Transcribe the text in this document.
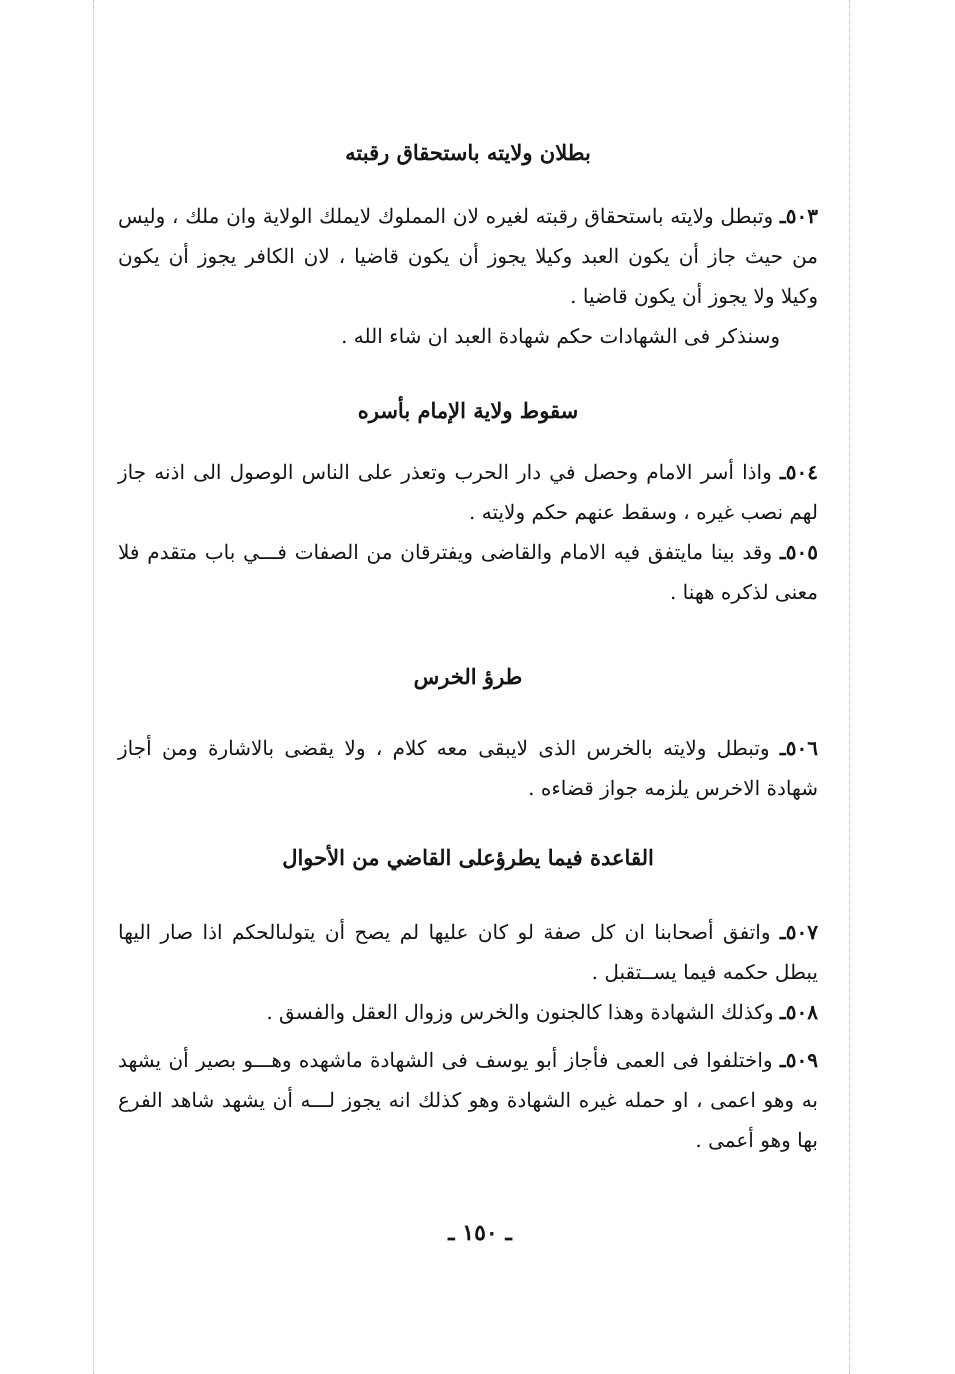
بطلان ولايته باستحقاق رقبته

٥٠٣ـ وتبطل ولايته باستحقاق رقبته لغيره لان المملوك لايملك الولاية وان ملك ، وليس من حيث جاز أن يكون العبد وكيلا يجوز أن يكون قاضيا ، لان الكافر يجوز أن يكون وكيلا ولا يجوز أن يكون قاضيا .

وسنذكر فى الشهادات حكم شهادة العبد ان شاء الله .

سقوط ولاية الإمام بأسره

٥٠٤ـ واذا أسر الامام وحصل في دار الحرب وتعذر على الناس الوصول الى اذنه جاز لهم نصب غيره ، وسقط عنهم حكم ولايته .

٥٠٥ـ وقد بينا مايتفق فيه الامام والقاضى ويفترقان من الصفات فـــي باب متقدم فلا معنى لذكره ههنا .

طرؤ الخرس

٥٠٦ـ وتبطل ولايته بالخرس الذى لايبقى معه كلام ، ولا يقضى بالاشارة ومن أجاز شهادة الاخرس يلزمه جواز قضاءه .

القاعدة فيما يطرؤعلى القاضي من الأحوال

٥٠٧ـ واتفق أصحابنا ان كل صفة لو كان عليها لم يصح أن يتولىالحكم اذا صار اليها يبطل حكمه فيما يســتقبل .

٥٠٨ـ وكذلك الشهادة وهذا كالجنون والخرس وزوال العقل والفسق .

٥٠٩ـ واختلفوا فى العمى فأجاز أبو يوسف فى الشهادة ماشهده وهـــو بصير أن يشهد به وهو اعمى ، او حمله غيره الشهادة وهو كذلك انه يجوز لـــه أن يشهد شاهد الفرع بها وهو أعمى .

ـ ١٥٠ ـ
